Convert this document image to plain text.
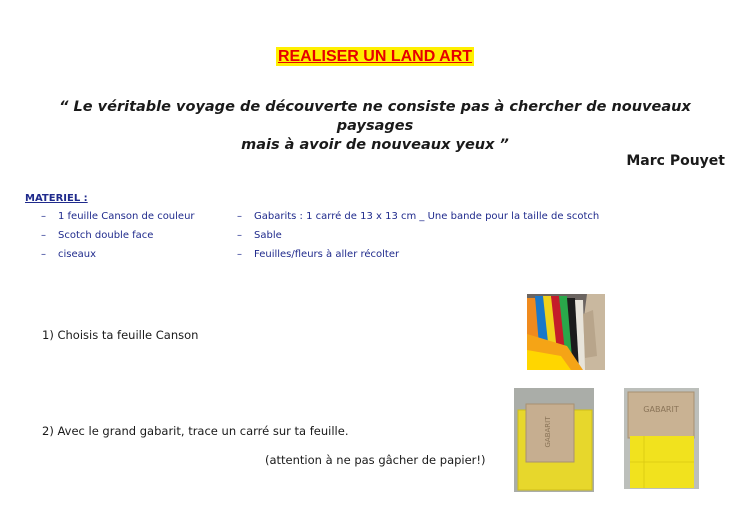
REALISER UN LAND ART
“ Le véritable voyage de découverte ne consiste pas à chercher de nouveaux paysages
mais à avoir de nouveaux yeux ”
Marc Pouyet
MATERIEL :
– 1 feuille Canson de couleur
– Scotch double face
– ciseaux
– Gabarits : 1 carré de 13 x 13 cm _ Une bande pour la taille de scotch
– Sable
– Feuilles/fleurs à aller récolter
1) Choisis ta feuille Canson
2) Avec le grand gabarit, trace un carré sur ta feuille.
(attention à ne pas gâcher de papier!)
GABARIT
GABARIT
